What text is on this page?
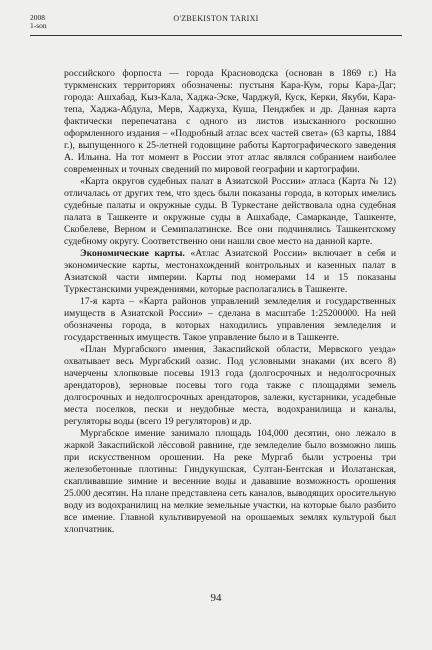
2008
1-son
O'ZBEKISTON TARIXI

российского форпоста — города Красноводска (основан в 1869 г.) На туркменских территориях обозначены: пустыня Кара-Кум, горы Кара-Даг; города: Ашхабад, Кыз-Кала, Хаджа-Эске, Чарджуй, Куск, Керки, Якуби, Кара-тепа, Хаджа-Абдула, Мерв, Хаджуха, Куша, Пенджбек и др. Данная карта фактически перепечатана с одного из листов изысканного роскошно оформленного издания – «Подробный атлас всех частей света» (63 карты, 1884 г.), выпущенного к 25-летней годовщине работы Картографического заведения А. Ильина. На тот момент в России этот атлас являлся собранием наиболее современных и точных сведений по мировой географии и картографии.

«Карта округов судебных палат в Азиатской России» атласа (Карта № 12) отличалась от других тем, что здесь были показаны города, в которых имелись судебные палаты и окружные суды. В Туркестане действовала одна судебная палата в Ташкенте и окружные суды в Ашхабаде, Самарканде, Ташкенте, Скобелеве, Верном и Семипалатинске. Все они подчинялись Ташкентскому судебному округу. Соответственно они нашли свое место на данной карте.

Экономические карты. «Атлас Азиатской России» включает в себя и экономические карты, местонахождений контрольных и казенных палат в Азиатской части империи. Карты под номерами 14 и 15 показаны Туркестанскими учреждениями, которые располагались в Ташкенте.

17-я карта – «Карта районов управлений земледелия и государственных имуществ в Азиатской России» – сделана в масштабе 1:25200000. На ней обозначены города, в которых находились управления земледелия и государственных имуществ. Такое управление было и в Ташкенте.

«План Мургабского имения, Закаспийской области, Мервского уезда» охватывает весь Мургабский оазис. Под условными знаками (их всего 8) начерчены хлопковые посевы 1913 года (долгосрочных и недолгосрочных арендаторов), зерновые посевы того года также с площадями земель долгосрочных и недолгосрочных арендаторов, залежи, кустарники, усадебные места поселков, пески и неудобные места, водохранилища и каналы, регуляторы воды (всего 19 регуляторов) и др.

Мургабское имение занимало площадь 104,000 десятин, оно лежало в жаркой Закаспийской лёссовой равнине, где земледелие было возможно лишь при искусственном орошении. На реке Мургаб были устроены три железобетонные плотины: Гиндукушская, Султан-Бентская и Иолатанская, скапливавшие зимние и весенние воды и дававшие возможность орошения 25.000 десятин. На плане представлена сеть каналов, выводящих оросительную воду из водохранилищ на мелкие земельные участки, на которые было разбито все имение. Главной культивируемой на орошаемых землях культурой был хлопчатник.

94
